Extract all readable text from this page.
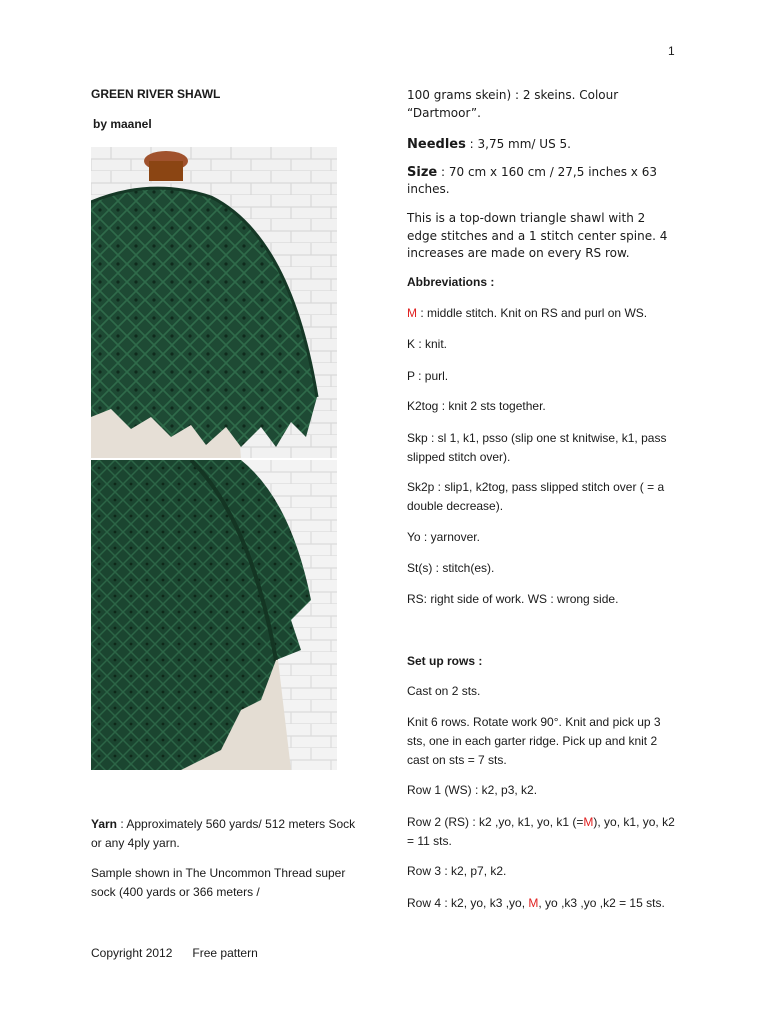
1
GREEN RIVER SHAWL
by maanel
Yarn : Approximately 560 yards/ 512 meters Sock or any 4ply yarn.
Sample shown in The Uncommon Thread super sock (400 yards or 366 meters /
Copyright 2012 Free pattern
100 grams skein) : 2 skeins. Colour “Dartmoor”.
Needles : 3,75 mm/ US 5.
Size : 70 cm x 160 cm / 27,5 inches x 63 inches.
This is a top-down triangle shawl with 2 edge stitches and a 1 stitch center spine. 4 increases are made on every RS row.
Abbreviations :
M : middle stitch. Knit on RS and purl on WS.
K : knit.
P : purl.
K2tog : knit 2 sts together.
Skp : sl 1, k1, psso (slip one st knitwise, k1, pass slipped stitch over).
Sk2p : slip1, k2tog, pass slipped stitch over ( = a double decrease).
Yo : yarnover.
St(s) : stitch(es).
RS: right side of work. WS : wrong side.
Set up rows :
Cast on 2 sts.
Knit 6 rows. Rotate work 90°. Knit and pick up 3 sts, one in each garter ridge. Pick up and knit 2 cast on sts = 7 sts.
Row 1 (WS) : k2, p3, k2.
Row 2 (RS) : k2 ,yo, k1, yo, k1 (=M), yo, k1, yo, k2 = 11 sts.
Row 3 : k2, p7, k2.
Row 4 : k2, yo, k3 ,yo, M, yo ,k3 ,yo ,k2 = 15 sts.
